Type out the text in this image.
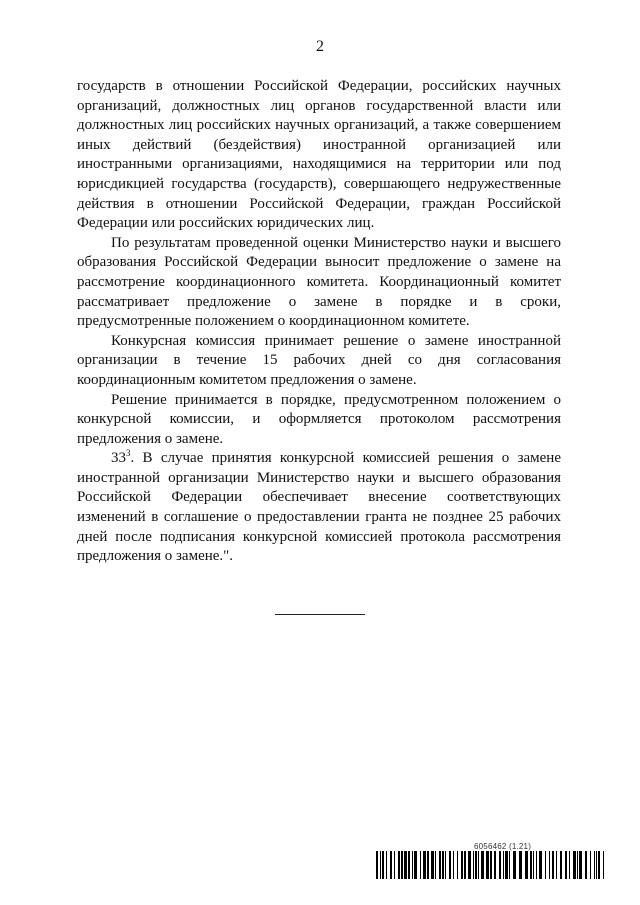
2

государств в отношении Российской Федерации, российских научных организаций, должностных лиц органов государственной власти или должностных лиц российских научных организаций, а также совершением иных действий (бездействия) иностранной организацией или иностранными организациями, находящимися на территории или под юрисдикцией государства (государств), совершающего недружественные действия в отношении Российской Федерации, граждан Российской Федерации или российских юридических лиц.

По результатам проведенной оценки Министерство науки и высшего образования Российской Федерации выносит предложение о замене на рассмотрение координационного комитета. Координационный комитет рассматривает предложение о замене в порядке и в сроки, предусмотренные положением о координационном комитете.

Конкурсная комиссия принимает решение о замене иностранной организации в течение 15 рабочих дней со дня согласования координационным комитетом предложения о замене.

Решение принимается в порядке, предусмотренном положением о конкурсной комиссии, и оформляется протоколом рассмотрения предложения о замене.

$33^3$. В случае принятия конкурсной комиссией решения о замене иностранной организации Министерство науки и высшего образования Российской Федерации обеспечивает внесение соответствующих изменений в соглашение о предоставлении гранта не позднее 25 рабочих дней после подписания конкурсной комиссией протокола рассмотрения предложения о замене.".

6056462 (1.21)
